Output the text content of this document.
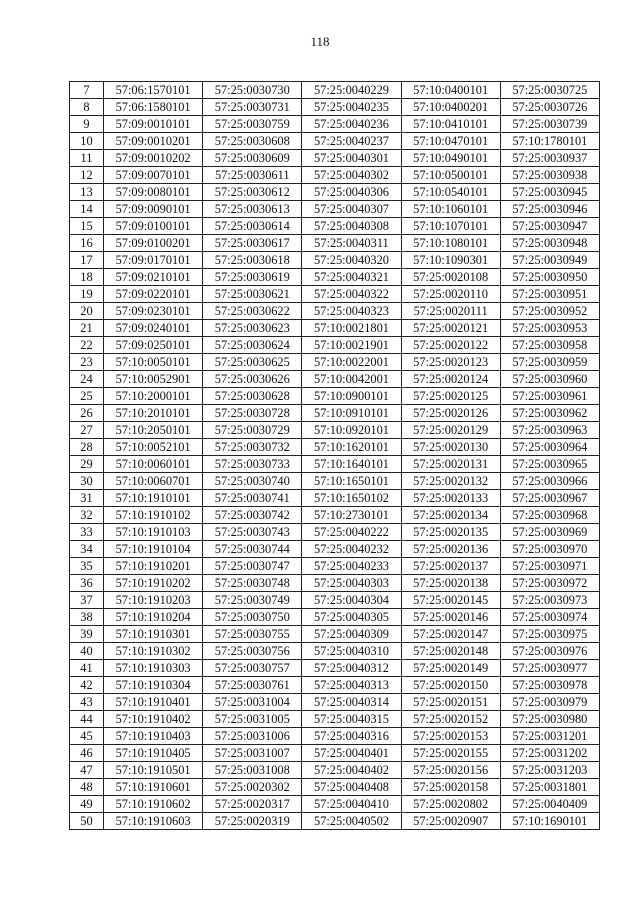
118
7	57:06:1570101	57:25:0030730	57:25:0040229	57:10:0400101	57:25:0030725
8	57:06:1580101	57:25:0030731	57:25:0040235	57:10:0400201	57:25:0030726
9	57:09:0010101	57:25:0030759	57:25:0040236	57:10:0410101	57:25:0030739
10	57:09:0010201	57:25:0030608	57:25:0040237	57:10:0470101	57:10:1780101
11	57:09:0010202	57:25:0030609	57:25:0040301	57:10:0490101	57:25:0030937
12	57:09:0070101	57:25:0030611	57:25:0040302	57:10:0500101	57:25:0030938
13	57:09:0080101	57:25:0030612	57:25:0040306	57:10:0540101	57:25:0030945
14	57:09:0090101	57:25:0030613	57:25:0040307	57:10:1060101	57:25:0030946
15	57:09:0100101	57:25:0030614	57:25:0040308	57:10:1070101	57:25:0030947
16	57:09:0100201	57:25:0030617	57:25:0040311	57:10:1080101	57:25:0030948
17	57:09:0170101	57:25:0030618	57:25:0040320	57:10:1090301	57:25:0030949
18	57:09:0210101	57:25:0030619	57:25:0040321	57:25:0020108	57:25:0030950
19	57:09:0220101	57:25:0030621	57:25:0040322	57:25:0020110	57:25:0030951
20	57:09:0230101	57:25:0030622	57:25:0040323	57:25:0020111	57:25:0030952
21	57:09:0240101	57:25:0030623	57:10:0021801	57:25:0020121	57:25:0030953
22	57:09:0250101	57:25:0030624	57:10:0021901	57:25:0020122	57:25:0030958
23	57:10:0050101	57:25:0030625	57:10:0022001	57:25:0020123	57:25:0030959
24	57:10:0052901	57:25:0030626	57:10:0042001	57:25:0020124	57:25:0030960
25	57:10:2000101	57:25:0030628	57:10:0900101	57:25:0020125	57:25:0030961
26	57:10:2010101	57:25:0030728	57:10:0910101	57:25:0020126	57:25:0030962
27	57:10:2050101	57:25:0030729	57:10:0920101	57:25:0020129	57:25:0030963
28	57:10:0052101	57:25:0030732	57:10:1620101	57:25:0020130	57:25:0030964
29	57:10:0060101	57:25:0030733	57:10:1640101	57:25:0020131	57:25:0030965
30	57:10:0060701	57:25:0030740	57:10:1650101	57:25:0020132	57:25:0030966
31	57:10:1910101	57:25:0030741	57:10:1650102	57:25:0020133	57:25:0030967
32	57:10:1910102	57:25:0030742	57:10:2730101	57:25:0020134	57:25:0030968
33	57:10:1910103	57:25:0030743	57:25:0040222	57:25:0020135	57:25:0030969
34	57:10:1910104	57:25:0030744	57:25:0040232	57:25:0020136	57:25:0030970
35	57:10:1910201	57:25:0030747	57:25:0040233	57:25:0020137	57:25:0030971
36	57:10:1910202	57:25:0030748	57:25:0040303	57:25:0020138	57:25:0030972
37	57:10:1910203	57:25:0030749	57:25:0040304	57:25:0020145	57:25:0030973
38	57:10:1910204	57:25:0030750	57:25:0040305	57:25:0020146	57:25:0030974
39	57:10:1910301	57:25:0030755	57:25:0040309	57:25:0020147	57:25:0030975
40	57:10:1910302	57:25:0030756	57:25:0040310	57:25:0020148	57:25:0030976
41	57:10:1910303	57:25:0030757	57:25:0040312	57:25:0020149	57:25:0030977
42	57:10:1910304	57:25:0030761	57:25:0040313	57:25:0020150	57:25:0030978
43	57:10:1910401	57:25:0031004	57:25:0040314	57:25:0020151	57:25:0030979
44	57:10:1910402	57:25:0031005	57:25:0040315	57:25:0020152	57:25:0030980
45	57:10:1910403	57:25:0031006	57:25:0040316	57:25:0020153	57:25:0031201
46	57:10:1910405	57:25:0031007	57:25:0040401	57:25:0020155	57:25:0031202
47	57:10:1910501	57:25:0031008	57:25:0040402	57:25:0020156	57:25:0031203
48	57:10:1910601	57:25:0020302	57:25:0040408	57:25:0020158	57:25:0031801
49	57:10:1910602	57:25:0020317	57:25:0040410	57:25:0020802	57:25:0040409
50	57:10:1910603	57:25:0020319	57:25:0040502	57:25:0020907	57:10:1690101
